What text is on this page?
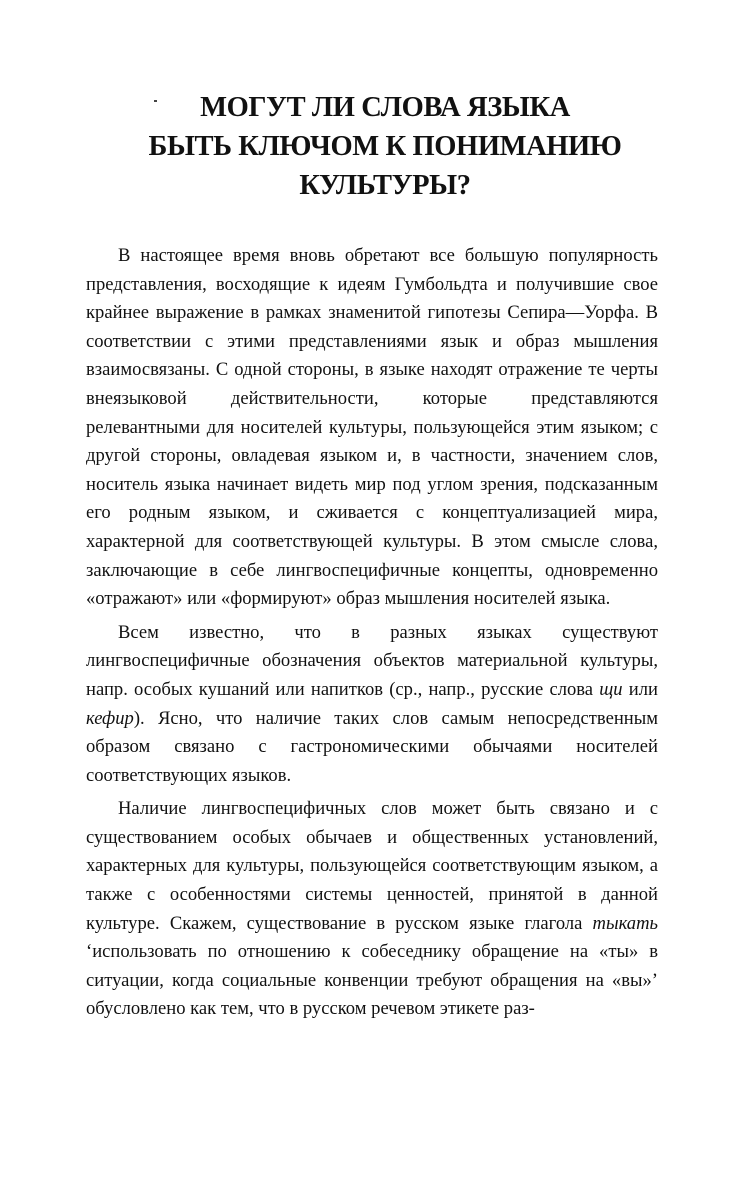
МОГУТ ЛИ СЛОВА ЯЗЫКА
БЫТЬ КЛЮЧОМ К ПОНИМАНИЮ КУЛЬТУРЫ?

В настоящее время вновь обретают все большую популярность представления, восходящие к идеям Гумбольдта и получившие свое крайнее выражение в рамках знаменитой гипотезы Сепира—Уорфа. В соответствии с этими представлениями язык и образ мышления взаимосвязаны. С одной стороны, в языке находят отражение те черты внеязыковой действительности, которые представляются релевантными для носителей культуры, пользующейся этим языком; с другой стороны, овладевая языком и, в частности, значением слов, носитель языка начинает видеть мир под углом зрения, подсказанным его родным языком, и сживается с концептуализацией мира, характерной для соответствующей культуры. В этом смысле слова, заключающие в себе лингвоспецифичные концепты, одновременно «отражают» или «формируют» образ мышления носителей языка.

Всем известно, что в разных языках существуют лингвоспецифичные обозначения объектов материальной культуры, напр. особых кушаний или напитков (ср., напр., русские слова щи или кефир). Ясно, что наличие таких слов самым непосредственным образом связано с гастрономическими обычаями носителей соответствующих языков.

Наличие лингвоспецифичных слов может быть связано и с существованием особых обычаев и общественных установлений, характерных для культуры, пользующейся соответствующим языком, а также с особенностями системы ценностей, принятой в данной культуре. Скажем, существование в русском языке глагола тыкать ‘использовать по отношению к собеседнику обращение на «ты» в ситуации, когда социальные конвенции требуют обращения на «вы»’ обусловлено как тем, что в русском речевом этикете раз-
